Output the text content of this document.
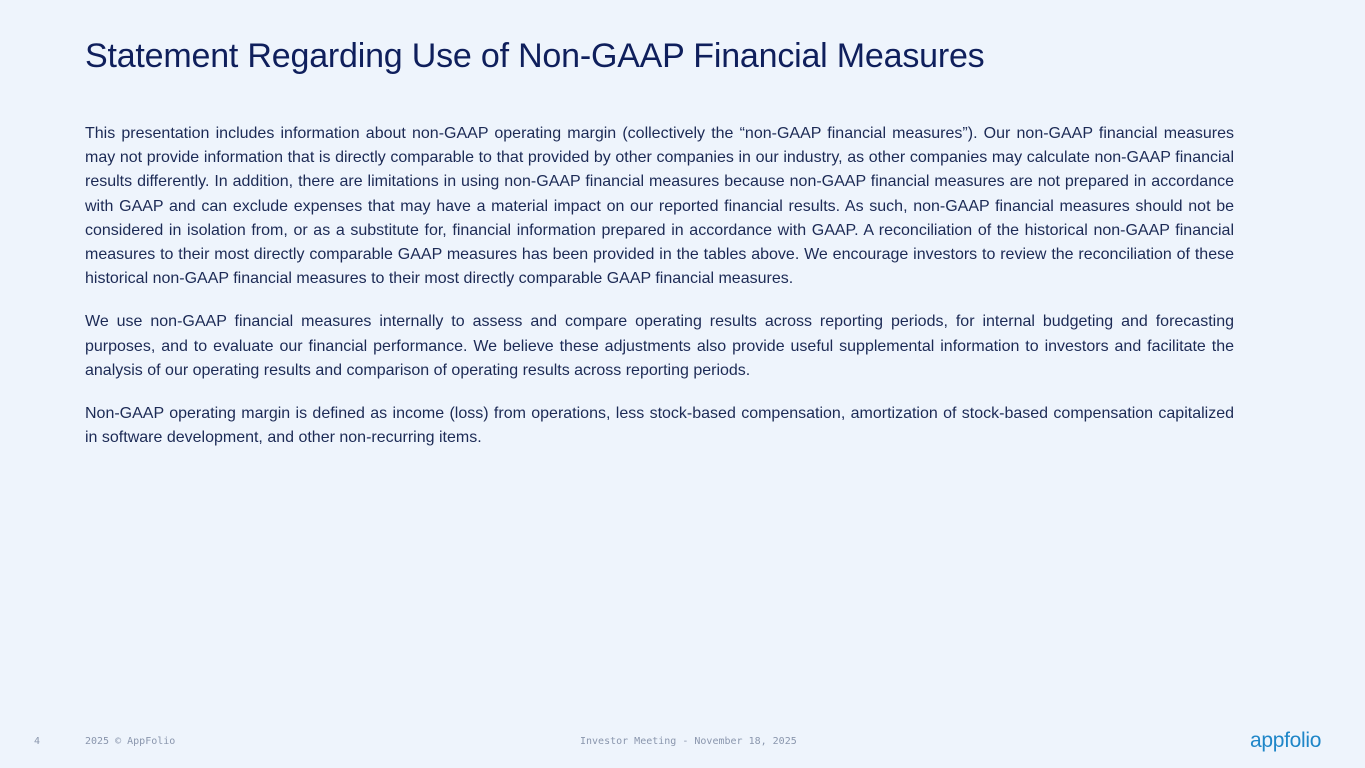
Statement Regarding Use of Non-GAAP Financial Measures

This presentation includes information about non-GAAP operating margin (collectively the “non-GAAP financial measures”). Our non-GAAP financial measures may not provide information that is directly comparable to that provided by other companies in our industry, as other companies may calculate non-GAAP financial results differently. In addition, there are limitations in using non-GAAP financial measures because non-GAAP financial measures are not prepared in accordance with GAAP and can exclude expenses that may have a material impact on our reported financial results. As such, non-GAAP financial measures should not be considered in isolation from, or as a substitute for, financial information prepared in accordance with GAAP. A reconciliation of the historical non-GAAP financial measures to their most directly comparable GAAP measures has been provided in the tables above. We encourage investors to review the reconciliation of these historical non-GAAP financial measures to their most directly comparable GAAP financial measures.

We use non-GAAP financial measures internally to assess and compare operating results across reporting periods, for internal budgeting and forecasting purposes, and to evaluate our financial performance. We believe these adjustments also provide useful supplemental information to investors and facilitate the analysis of our operating results and comparison of operating results across reporting periods.

Non-GAAP operating margin is defined as income (loss) from operations, less stock-based compensation, amortization of stock-based compensation capitalized in software development, and other non-recurring items.

4	2025 © AppFolio	Investor Meeting - November 18, 2025	appfolio
